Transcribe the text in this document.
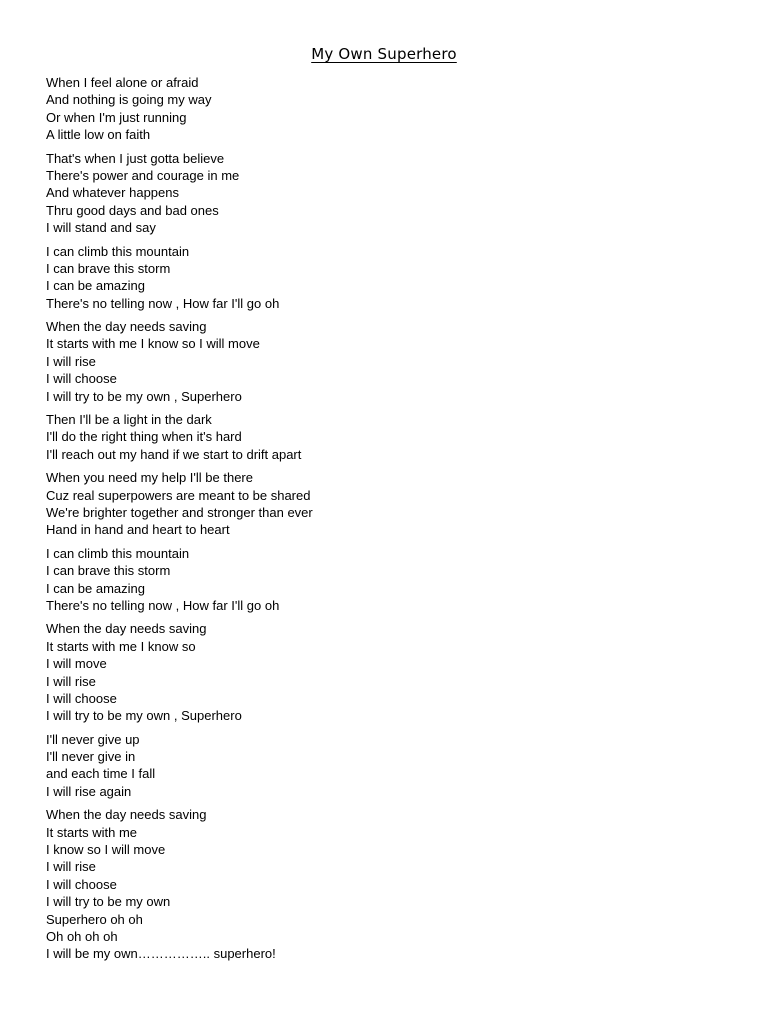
My Own Superhero
When I feel alone or afraid
And nothing is going my way
Or when I'm just running
A little low on faith
That's when I just gotta believe
There's power and courage in me
And whatever happens
Thru good days and bad ones
I will stand and say
I can climb this mountain
I can brave this storm
I can be amazing
There's no telling now , How far I'll go oh
When the day needs saving
It starts with me I know so I will move
I will rise
I will choose
I will try to be my own , Superhero
Then I'll be a light in the dark
I'll do the right thing when it's hard
I'll reach out my hand if we start to drift apart
When you need my help I'll be there
Cuz real superpowers are meant to be shared
We're brighter together and stronger than ever
Hand in hand and heart to heart
I can climb this mountain
I can brave this storm
I can be amazing
There's no telling now , How far I'll go oh
When the day needs saving
It starts with me I know so
I will move
I will rise
I will choose
I will try to be my own , Superhero
I'll never give up
I'll never give in
and each time I fall
I will rise again
When the day needs saving
It starts with me
I know so I will move
I will rise
I will choose
I will try to be my own
Superhero oh oh
Oh oh oh oh
I will be my own…………….. superhero!
